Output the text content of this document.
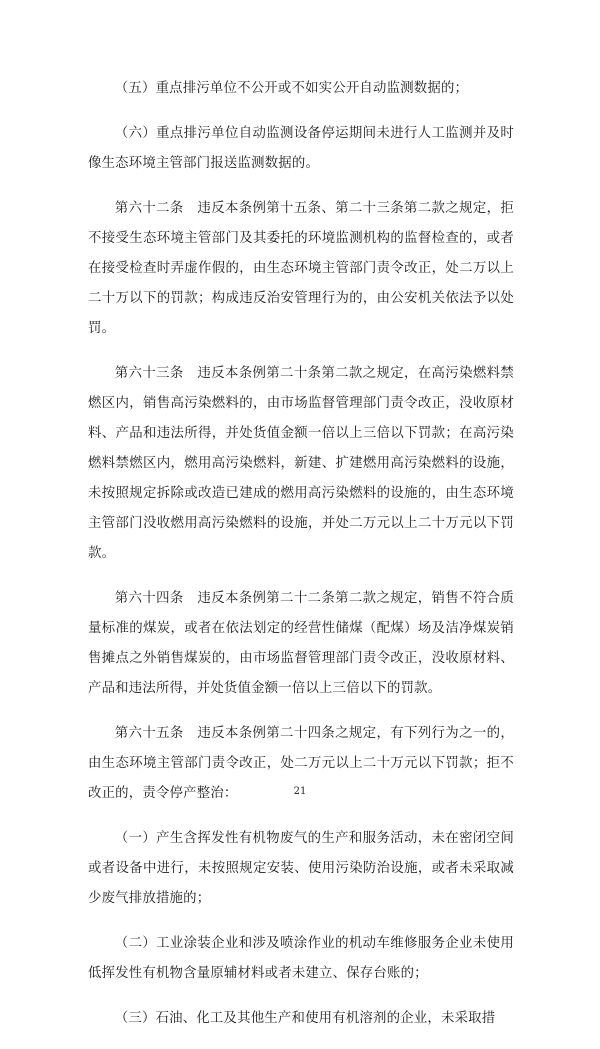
（五）重点排污单位不公开或不如实公开自动监测数据的；

（六）重点排污单位自动监测设备停运期间未进行人工监测并及时像生态环境主管部门报送监测数据的。

第六十二条　违反本条例第十五条、第二十三条第二款之规定，拒不接受生态环境主管部门及其委托的环境监测机构的监督检查的，或者在接受检查时弄虚作假的，由生态环境主管部门责令改正，处二万以上二十万以下的罚款；构成违反治安管理行为的，由公安机关依法予以处罚。

第六十三条　违反本条例第二十条第二款之规定，在高污染燃料禁燃区内，销售高污染燃料的，由市场监督管理部门责令改正，没收原材料、产品和违法所得，并处货值金额一倍以上三倍以下罚款；在高污染燃料禁燃区内，燃用高污染燃料，新建、扩建燃用高污染燃料的设施，未按照规定拆除或改造已建成的燃用高污染燃料的设施的，由生态环境主管部门没收燃用高污染燃料的设施，并处二万元以上二十万元以下罚款。

第六十四条　违反本条例第二十二条第二款之规定，销售不符合质量标准的煤炭，或者在依法划定的经营性储煤（配煤）场及洁净煤炭销售摊点之外销售煤炭的，由市场监督管理部门责令改正，没收原材料、产品和违法所得，并处货值金额一倍以上三倍以下的罚款。

第六十五条　违反本条例第二十四条之规定，有下列行为之一的，由生态环境主管部门责令改正，处二万元以上二十万元以下罚款；拒不改正的，责令停产整治：

（一）产生含挥发性有机物废气的生产和服务活动，未在密闭空间或者设备中进行，未按照规定安装、使用污染防治设施，或者未采取减少废气排放措施的；

（二）工业涂装企业和涉及喷涂作业的机动车维修服务企业未使用低挥发性有机物含量原辅材料或者未建立、保存台账的；

（三）石油、化工及其他生产和使用有机溶剂的企业，未采取措

21
